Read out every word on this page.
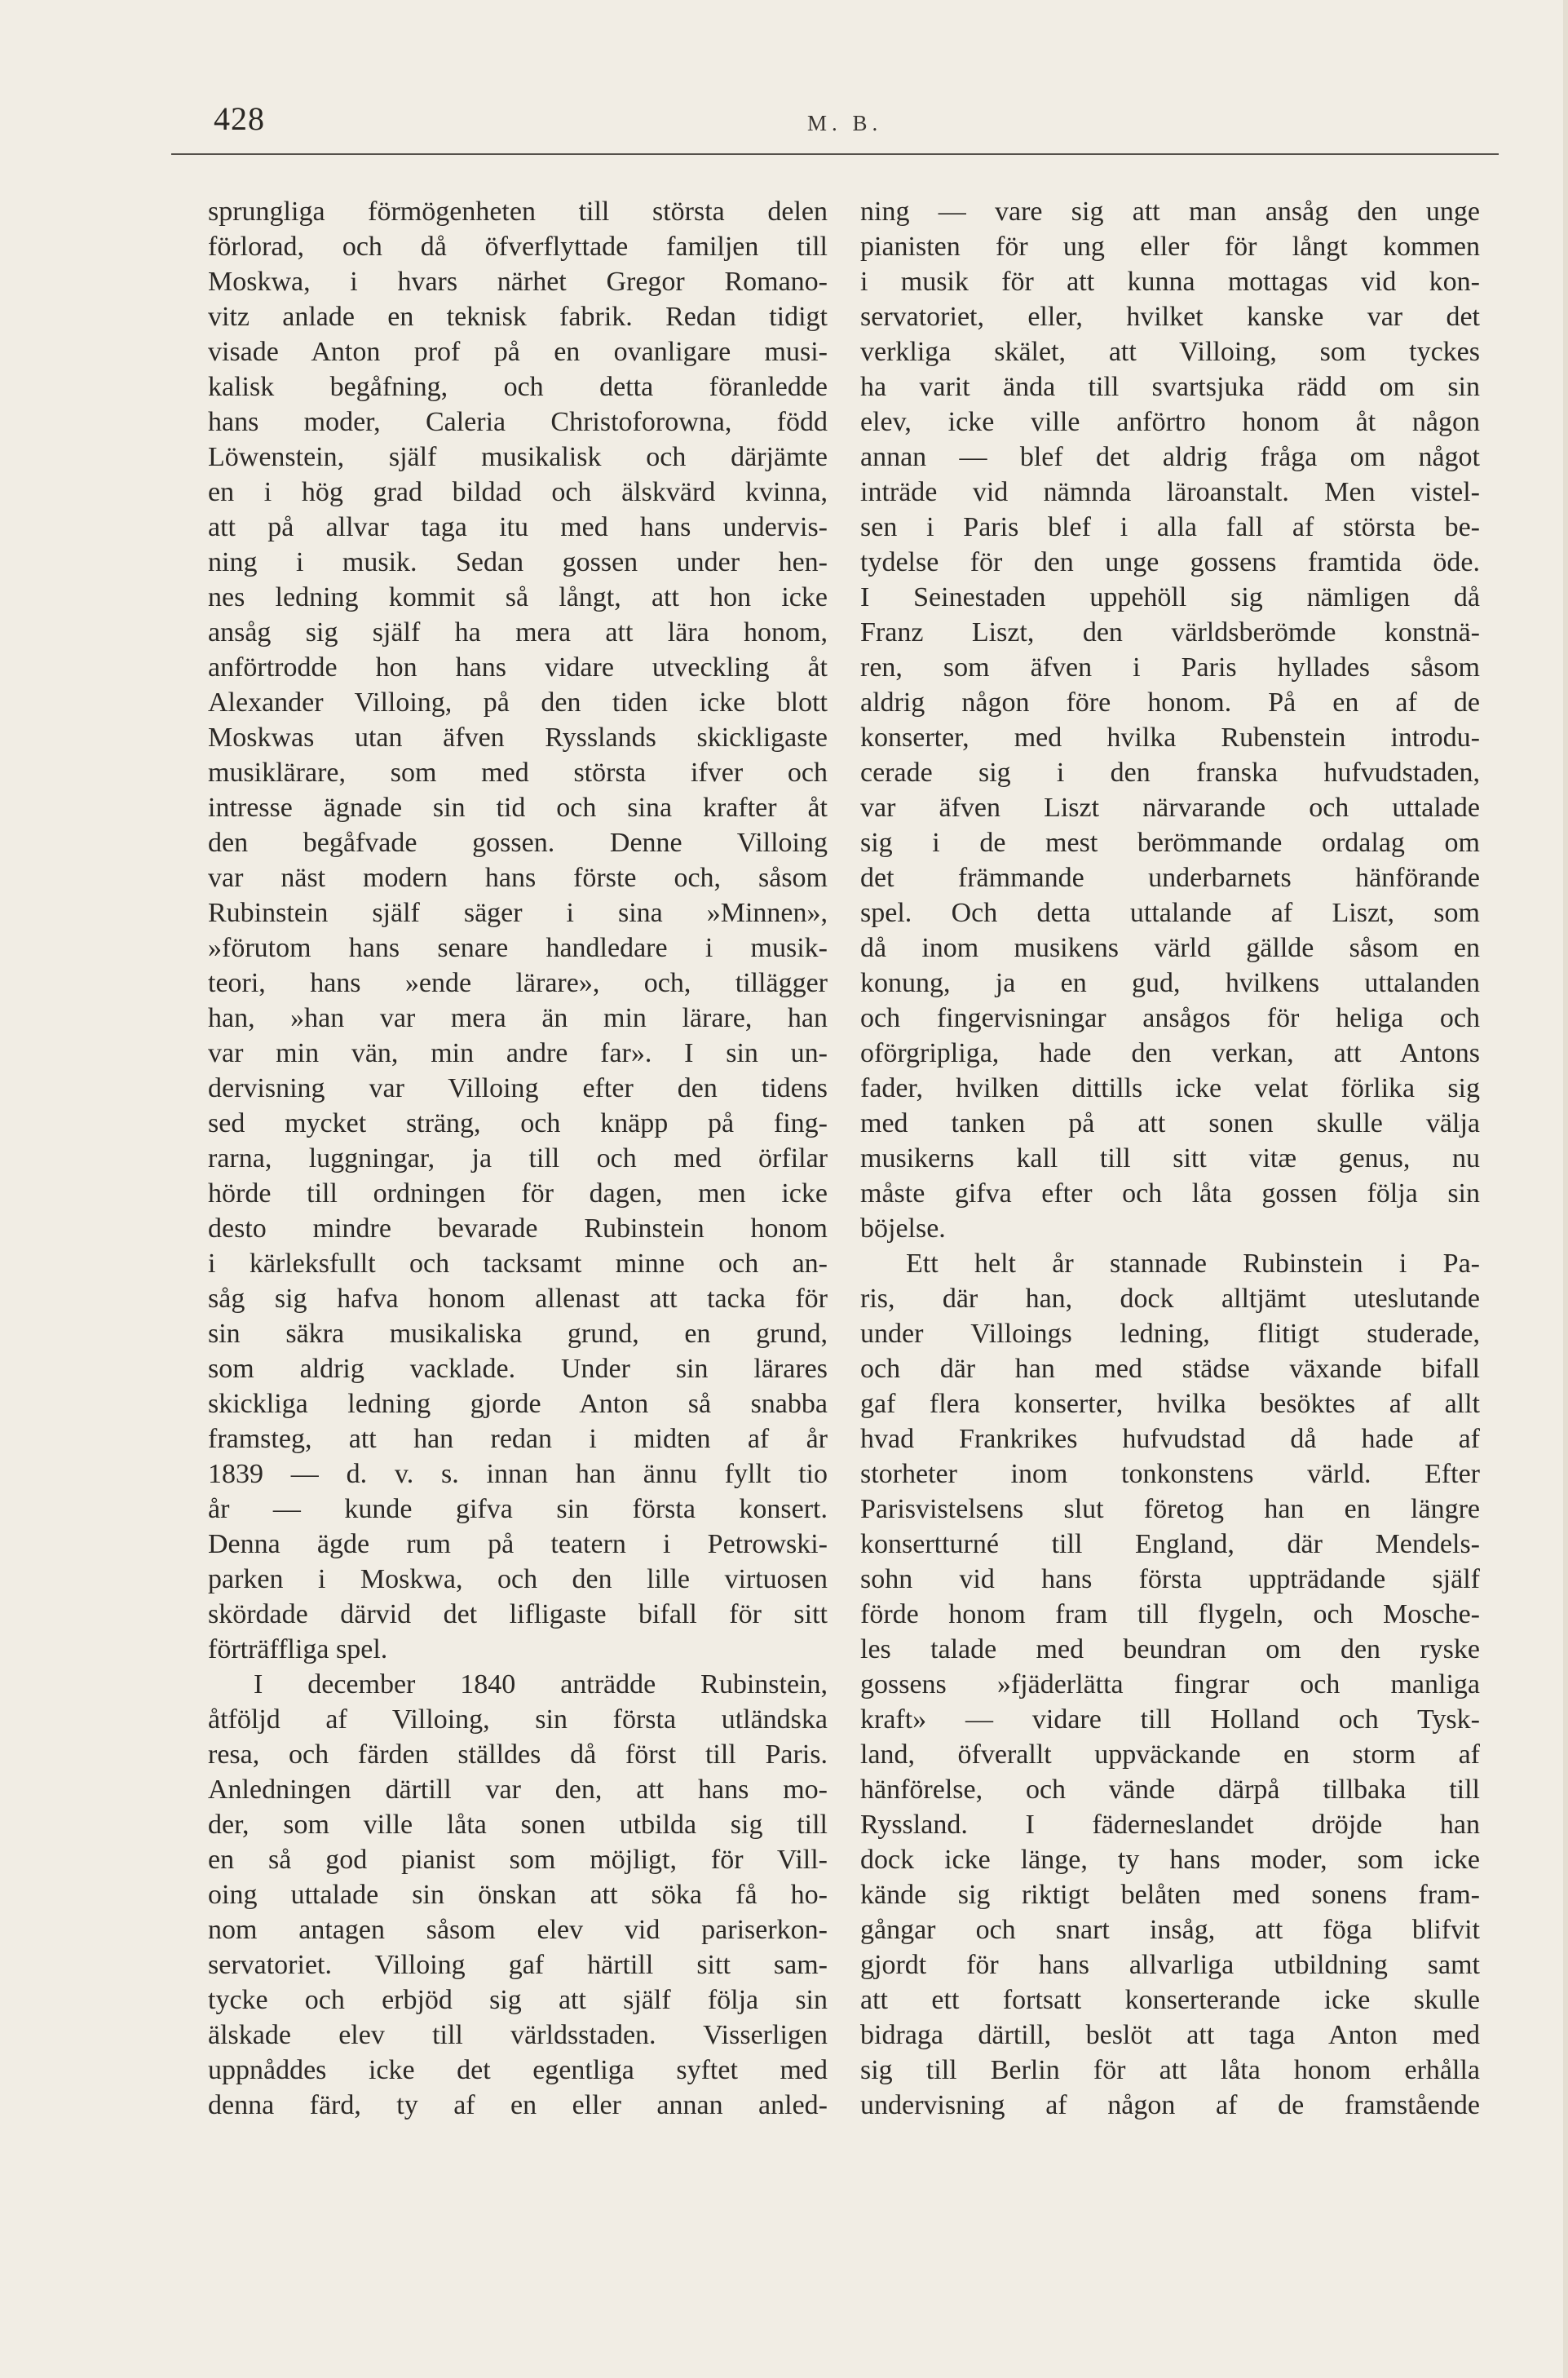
428	M. B.
sprungliga förmögenheten till största delen
förlorad, och då öfverflyttade familjen till
Moskwa, i hvars närhet Gregor Romano-
vitz anlade en teknisk fabrik. Redan tidigt
visade Anton prof på en ovanligare musi-
kalisk begåfning, och detta föranledde
hans moder, Caleria Christoforowna, född
Löwenstein, själf musikalisk och därjämte
en i hög grad bildad och älskvärd kvinna,
att på allvar taga itu med hans undervis-
ning i musik. Sedan gossen under hen-
nes ledning kommit så långt, att hon icke
ansåg sig själf ha mera att lära honom,
anförtrodde hon hans vidare utveckling åt
Alexander Villoing, på den tiden icke blott
Moskwas utan äfven Rysslands skickligaste
musiklärare, som med största ifver och
intresse ägnade sin tid och sina krafter åt
den begåfvade gossen. Denne Villoing
var näst modern hans förste och, såsom
Rubinstein själf säger i sina »Minnen»,
»förutom hans senare handledare i musik-
teori, hans »ende lärare», och, tillägger
han, »han var mera än min lärare, han
var min vän, min andre far». I sin un-
dervisning var Villoing efter den tidens
sed mycket sträng, och knäpp på fing-
rarna, luggningar, ja till och med örfilar
hörde till ordningen för dagen, men icke
desto mindre bevarade Rubinstein honom
i kärleksfullt och tacksamt minne och an-
såg sig hafva honom allenast att tacka för
sin säkra musikaliska grund, en grund,
som aldrig vacklade. Under sin lärares
skickliga ledning gjorde Anton så snabba
framsteg, att han redan i midten af år
1839 — d. v. s. innan han ännu fyllt tio
år — kunde gifva sin första konsert.
Denna ägde rum på teatern i Petrowski-
parken i Moskwa, och den lille virtuosen
skördade därvid det lifligaste bifall för sitt
förträffliga spel.
I december 1840 anträdde Rubinstein,
åtföljd af Villoing, sin första utländska
resa, och färden ställdes då först till Paris.
Anledningen därtill var den, att hans mo-
der, som ville låta sonen utbilda sig till
en så god pianist som möjligt, för Vill-
oing uttalade sin önskan att söka få ho-
nom antagen såsom elev vid pariserkon-
servatoriet. Villoing gaf härtill sitt sam-
tycke och erbjöd sig att själf följa sin
älskade elev till världsstaden. Visserligen
uppnåddes icke det egentliga syftet med
denna färd, ty af en eller annan anled-
ning — vare sig att man ansåg den unge
pianisten för ung eller för långt kommen
i musik för att kunna mottagas vid kon-
servatoriet, eller, hvilket kanske var det
verkliga skälet, att Villoing, som tyckes
ha varit ända till svartsjuka rädd om sin
elev, icke ville anförtro honom åt någon
annan — blef det aldrig fråga om något
inträde vid nämnda läroanstalt. Men vistel-
sen i Paris blef i alla fall af största be-
tydelse för den unge gossens framtida öde.
I Seinestaden uppehöll sig nämligen då
Franz Liszt, den världsberömde konstnä-
ren, som äfven i Paris hyllades såsom
aldrig någon före honom. På en af de
konserter, med hvilka Rubenstein introdu-
cerade sig i den franska hufvudstaden,
var äfven Liszt närvarande och uttalade
sig i de mest berömmande ordalag om
det främmande underbarnets hänförande
spel. Och detta uttalande af Liszt, som
då inom musikens värld gällde såsom en
konung, ja en gud, hvilkens uttalanden
och fingervisningar ansågos för heliga och
oförgripliga, hade den verkan, att Antons
fader, hvilken dittills icke velat förlika sig
med tanken på att sonen skulle välja
musikerns kall till sitt vitæ genus, nu
måste gifva efter och låta gossen följa sin
böjelse.
Ett helt år stannade Rubinstein i Pa-
ris, där han, dock alltjämt uteslutande
under Villoings ledning, flitigt studerade,
och där han med städse växande bifall
gaf flera konserter, hvilka besöktes af allt
hvad Frankrikes hufvudstad då hade af
storheter inom tonkonstens värld. Efter
Parisvistelsens slut företog han en längre
konsertturné till England, där Mendels-
sohn vid hans första uppträdande själf
förde honom fram till flygeln, och Mosche-
les talade med beundran om den ryske
gossens »fjäderlätta fingrar och manliga
kraft» — vidare till Holland och Tysk-
land, öfverallt uppväckande en storm af
hänförelse, och vände därpå tillbaka till
Ryssland. I fäderneslandet dröjde han
dock icke länge, ty hans moder, som icke
kände sig riktigt belåten med sonens fram-
gångar och snart insåg, att föga blifvit
gjordt för hans allvarliga utbildning samt
att ett fortsatt konserterande icke skulle
bidraga därtill, beslöt att taga Anton med
sig till Berlin för att låta honom erhålla
undervisning af någon af de framstående
